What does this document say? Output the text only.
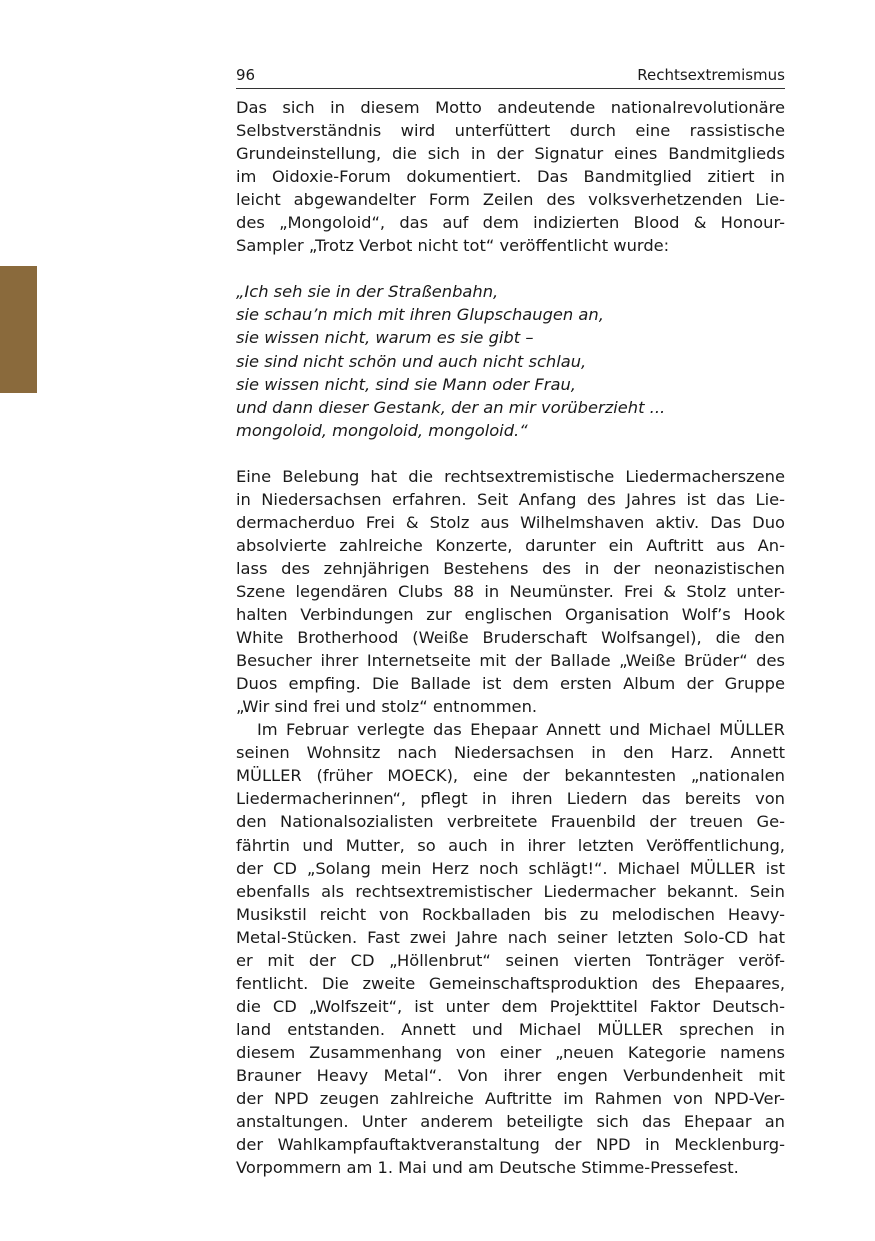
96	Rechtsextremismus
Das sich in diesem Motto andeutende nationalrevolutionäre
Selbstverständnis wird unterfüttert durch eine rassistische
Grundeinstellung, die sich in der Signatur eines Bandmitglieds
im Oidoxie-Forum dokumentiert. Das Bandmitglied zitiert in
leicht abgewandelter Form Zeilen des volksverhetzenden Lie-
des „Mongoloid“, das auf dem indizierten Blood & Honour-
Sampler „Trotz Verbot nicht tot“ veröffentlicht wurde:
„Ich seh sie in der Straßenbahn,
sie schau’n mich mit ihren Glupschaugen an,
sie wissen nicht, warum es sie gibt –
sie sind nicht schön und auch nicht schlau,
sie wissen nicht, sind sie Mann oder Frau,
und dann dieser Gestank, der an mir vorüberzieht ...
mongoloid, mongoloid, mongoloid.“
Eine Belebung hat die rechtsextremistische Liedermacherszene
in Niedersachsen erfahren. Seit Anfang des Jahres ist das Lie-
dermacherduo Frei & Stolz aus Wilhelmshaven aktiv. Das Duo
absolvierte zahlreiche Konzerte, darunter ein Auftritt aus An-
lass des zehnjährigen Bestehens des in der neonazistischen
Szene legendären Clubs 88 in Neumünster. Frei & Stolz unter-
halten Verbindungen zur englischen Organisation Wolf’s Hook
White Brotherhood (Weiße Bruderschaft Wolfsangel), die den
Besucher ihrer Internetseite mit der Ballade „Weiße Brüder“ des
Duos empfing. Die Ballade ist dem ersten Album der Gruppe
„Wir sind frei und stolz“ entnommen.
Im Februar verlegte das Ehepaar Annett und Michael MÜLLER
seinen Wohnsitz nach Niedersachsen in den Harz. Annett
MÜLLER (früher MOECK), eine der bekanntesten „nationalen
Liedermacherinnen“, pflegt in ihren Liedern das bereits von
den Nationalsozialisten verbreitete Frauenbild der treuen Ge-
fährtin und Mutter, so auch in ihrer letzten Veröffentlichung,
der CD „Solang mein Herz noch schlägt!“. Michael MÜLLER ist
ebenfalls als rechtsextremistischer Liedermacher bekannt. Sein
Musikstil reicht von Rockballaden bis zu melodischen Heavy-
Metal-Stücken. Fast zwei Jahre nach seiner letzten Solo-CD hat
er mit der CD „Höllenbrut“ seinen vierten Tonträger veröf-
fentlicht. Die zweite Gemeinschaftsproduktion des Ehepaares,
die CD „Wolfszeit“, ist unter dem Projekttitel Faktor Deutsch-
land entstanden. Annett und Michael MÜLLER sprechen in
diesem Zusammenhang von einer „neuen Kategorie namens
Brauner Heavy Metal“. Von ihrer engen Verbundenheit mit
der NPD zeugen zahlreiche Auftritte im Rahmen von NPD-Ver-
anstaltungen. Unter anderem beteiligte sich das Ehepaar an
der Wahlkampfauftaktveranstaltung der NPD in Mecklenburg-
Vorpommern am 1. Mai und am Deutsche Stimme-Pressefest.
